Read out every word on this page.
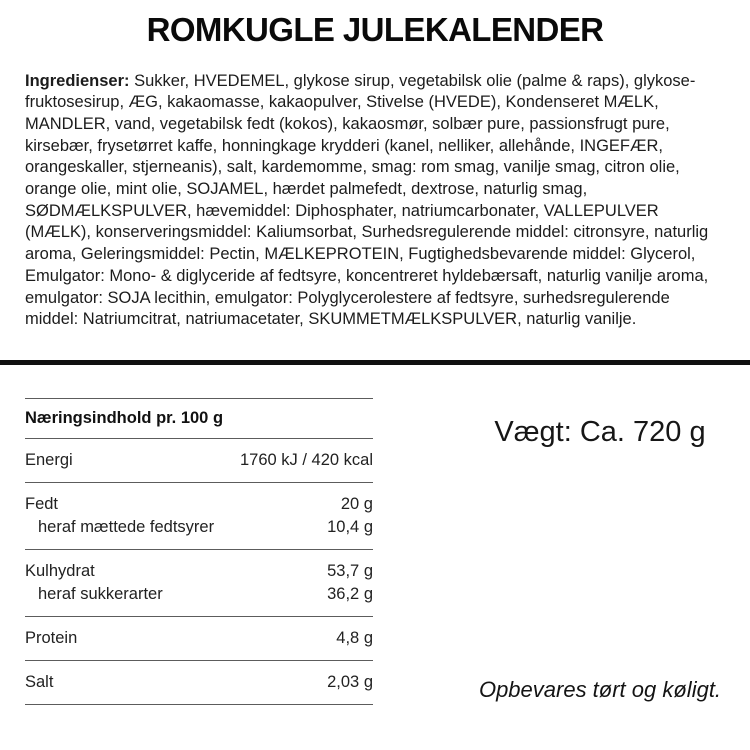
ROMKUGLE JULEKALENDER

Ingredienser: Sukker, HVEDEMEL, glykose sirup, vegetabilsk olie (palme & raps), glykose-fruktosesirup, ÆG, kakaomasse, kakaopulver, Stivelse (HVEDE), Kondenseret MÆLK, MANDLER, vand, vegetabilsk fedt (kokos), kakaosmør, solbær pure, passionsfrugt pure, kirsebær, frysetørret kaffe, honningkage krydderi (kanel, nelliker, allehånde, INGEFÆR, orangeskaller, stjerneanis), salt, kardemomme, smag: rom smag, vanilje smag, citron olie, orange olie, mint olie, SOJAMEL, hærdet palmefedt, dextrose, naturlig smag, SØDMÆLKSPULVER, hævemiddel: Diphosphater, natriumcarbonater, VALLEPULVER (MÆLK), konserveringsmiddel: Kaliumsorbat, Surhedsregulerende middel: citronsyre, naturlig aroma, Geleringsmiddel: Pectin, MÆLKEPROTEIN, Fugtighedsbevarende middel: Glycerol, Emulgator: Mono- & diglyceride af fedtsyre, koncentreret hyldebærsaft, naturlig vanilje aroma, emulgator: SOJA lecithin, emulgator: Polyglycerolestere af fedtsyre, surhedsregulerende middel: Natriumcitrat, natriumacetater, SKUMMETMÆLKSPULVER, naturlig vanilje.

Næringsindhold pr. 100 g
Energi	1760 kJ / 420 kcal
Fedt	20 g
heraf mættede fedtsyrer	10,4 g
Kulhydrat	53,7 g
heraf sukkerarter	36,2 g
Protein	4,8 g
Salt	2,03 g
Vægt: Ca. 720 g
Opbevares tørt og køligt.
